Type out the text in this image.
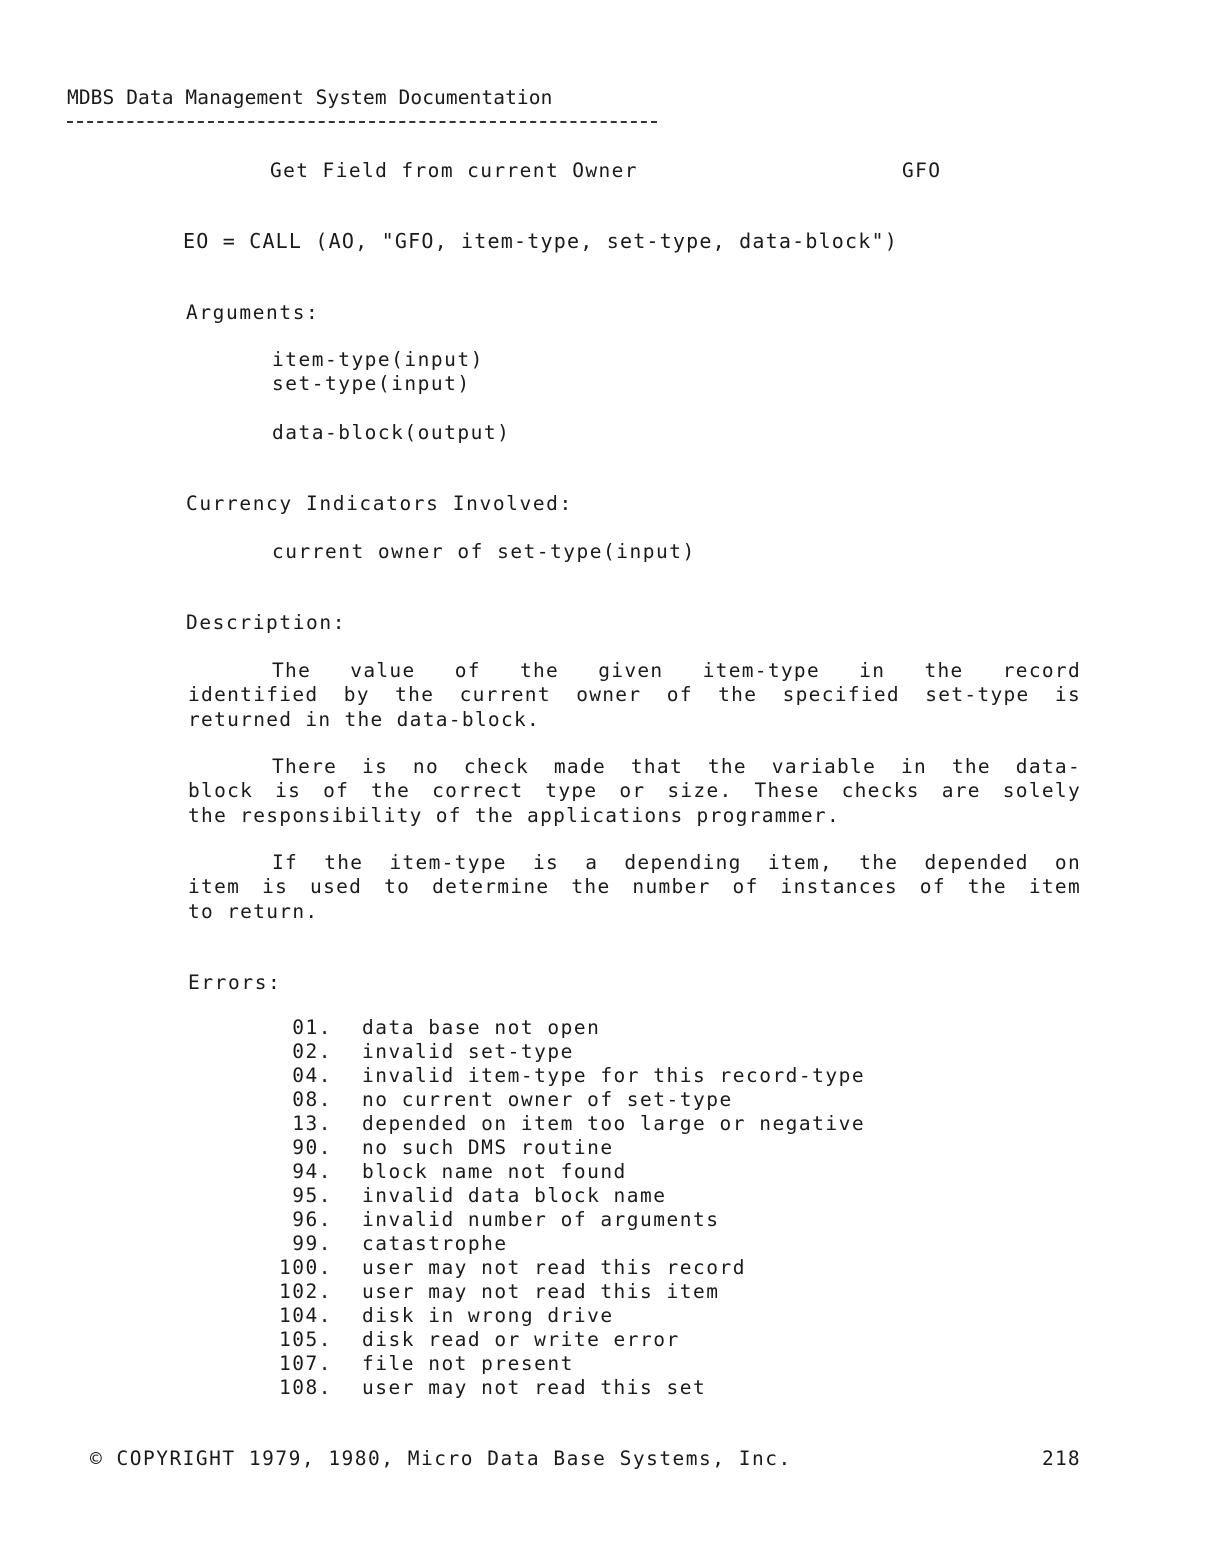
MDBS Data Management System Documentation
Get Field from current Owner	GFO
EO = CALL (AO, "GFO, item-type, set-type, data-block")
Arguments:
item-type(input)
set-type(input)
data-block(output)
Currency Indicators Involved:
current owner of set-type(input)
Description:
The value of the given item-type in the record
identified by the current owner of the specified set-type is
returned in the data-block.
There is no check made that the variable in the data-
block is of the correct type or size. These checks are solely
the responsibility of the applications programmer.
If the item-type is a depending item, the depended on
item is used to determine the number of instances of the item
to return.
Errors:
01.	data base not open
02.	invalid set-type
04.	invalid item-type for this record-type
08.	no current owner of set-type
13.	depended on item too large or negative
90.	no such DMS routine
94.	block name not found
95.	invalid data block name
96.	invalid number of arguments
99.	catastrophe
100.	user may not read this record
102.	user may not read this item
104.	disk in wrong drive
105.	disk read or write error
107.	file not present
108.	user may not read this set
© COPYRIGHT 1979, 1980, Micro Data Base Systems, Inc.	218
